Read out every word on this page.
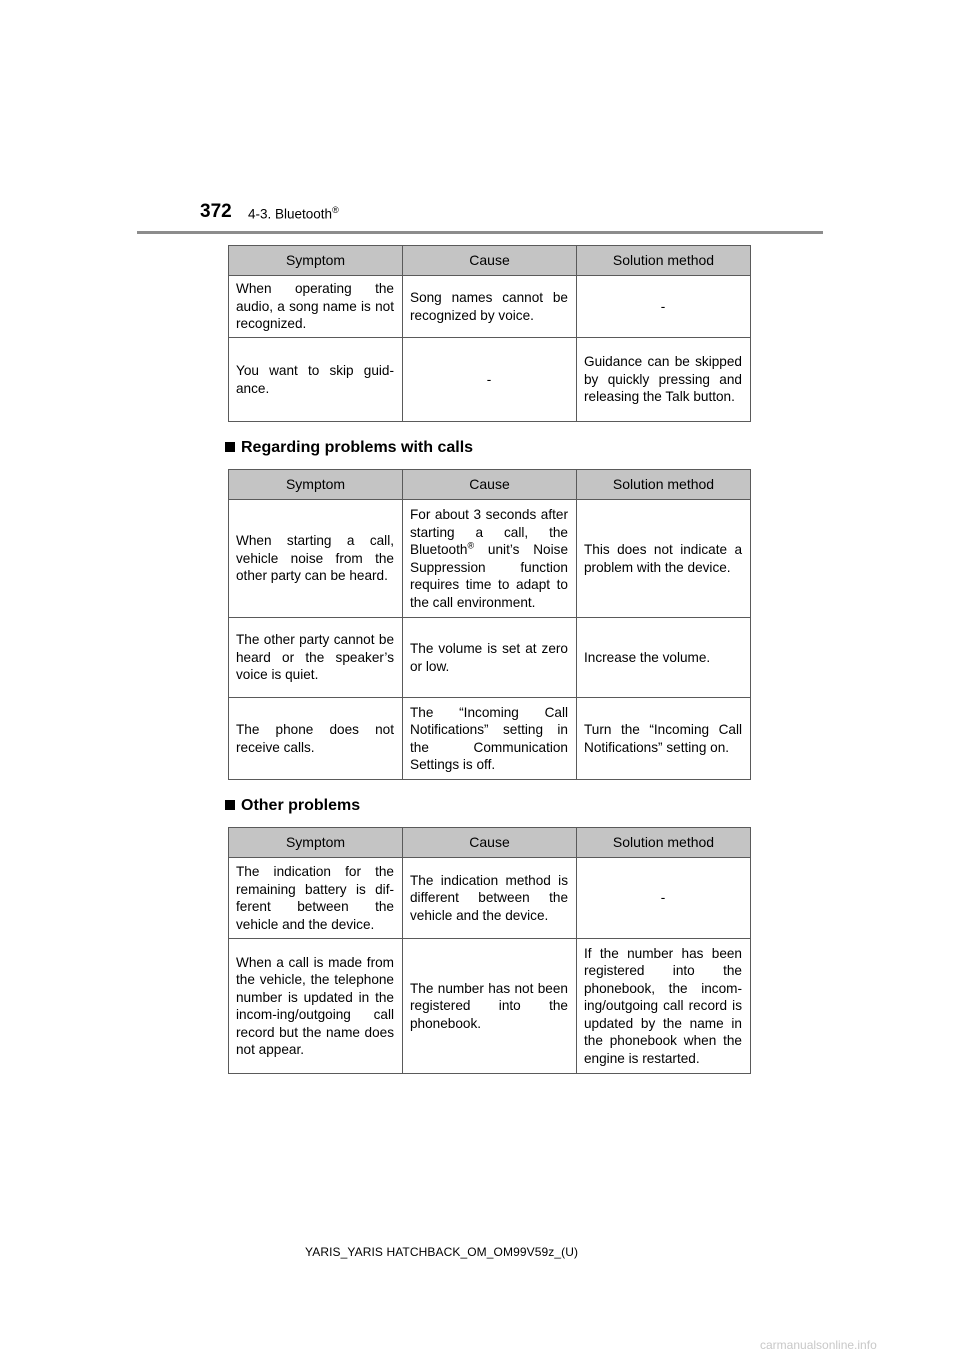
372 4-3. Bluetooth®
Symptom	Cause	Solution method
When operating the audio, a song name is not recognized.	Song names cannot be recognized by voice.	-
You want to skip guid-ance.	-	Guidance can be skipped by quickly pressing and releasing the Talk button.
Regarding problems with calls
Symptom	Cause	Solution method
When starting a call, vehicle noise from the other party can be heard.	For about 3 seconds after starting a call, the Bluetooth® unit’s Noise Suppression function requires time to adapt to the call environment.	This does not indicate a problem with the device.
The other party cannot be heard or the speaker’s voice is quiet.	The volume is set at zero or low.	Increase the volume.
The phone does not receive calls.	The “Incoming Call Notifications” setting in the Communication Settings is off.	Turn the “Incoming Call Notifications” setting on.
Other problems
Symptom	Cause	Solution method
The indication for the remaining battery is dif-ferent between the vehicle and the device.	The indication method is different between the vehicle and the device.	-
When a call is made from the vehicle, the telephone number is updated in the incom-ing/outgoing call record but the name does not appear.	The number has not been registered into the phonebook.	If the number has been registered into the phonebook, the incom-ing/outgoing call record is updated by the name in the phonebook when the engine is restarted.
YARIS_YARIS HATCHBACK_OM_OM99V59z_(U)
carmanualsonline.info
